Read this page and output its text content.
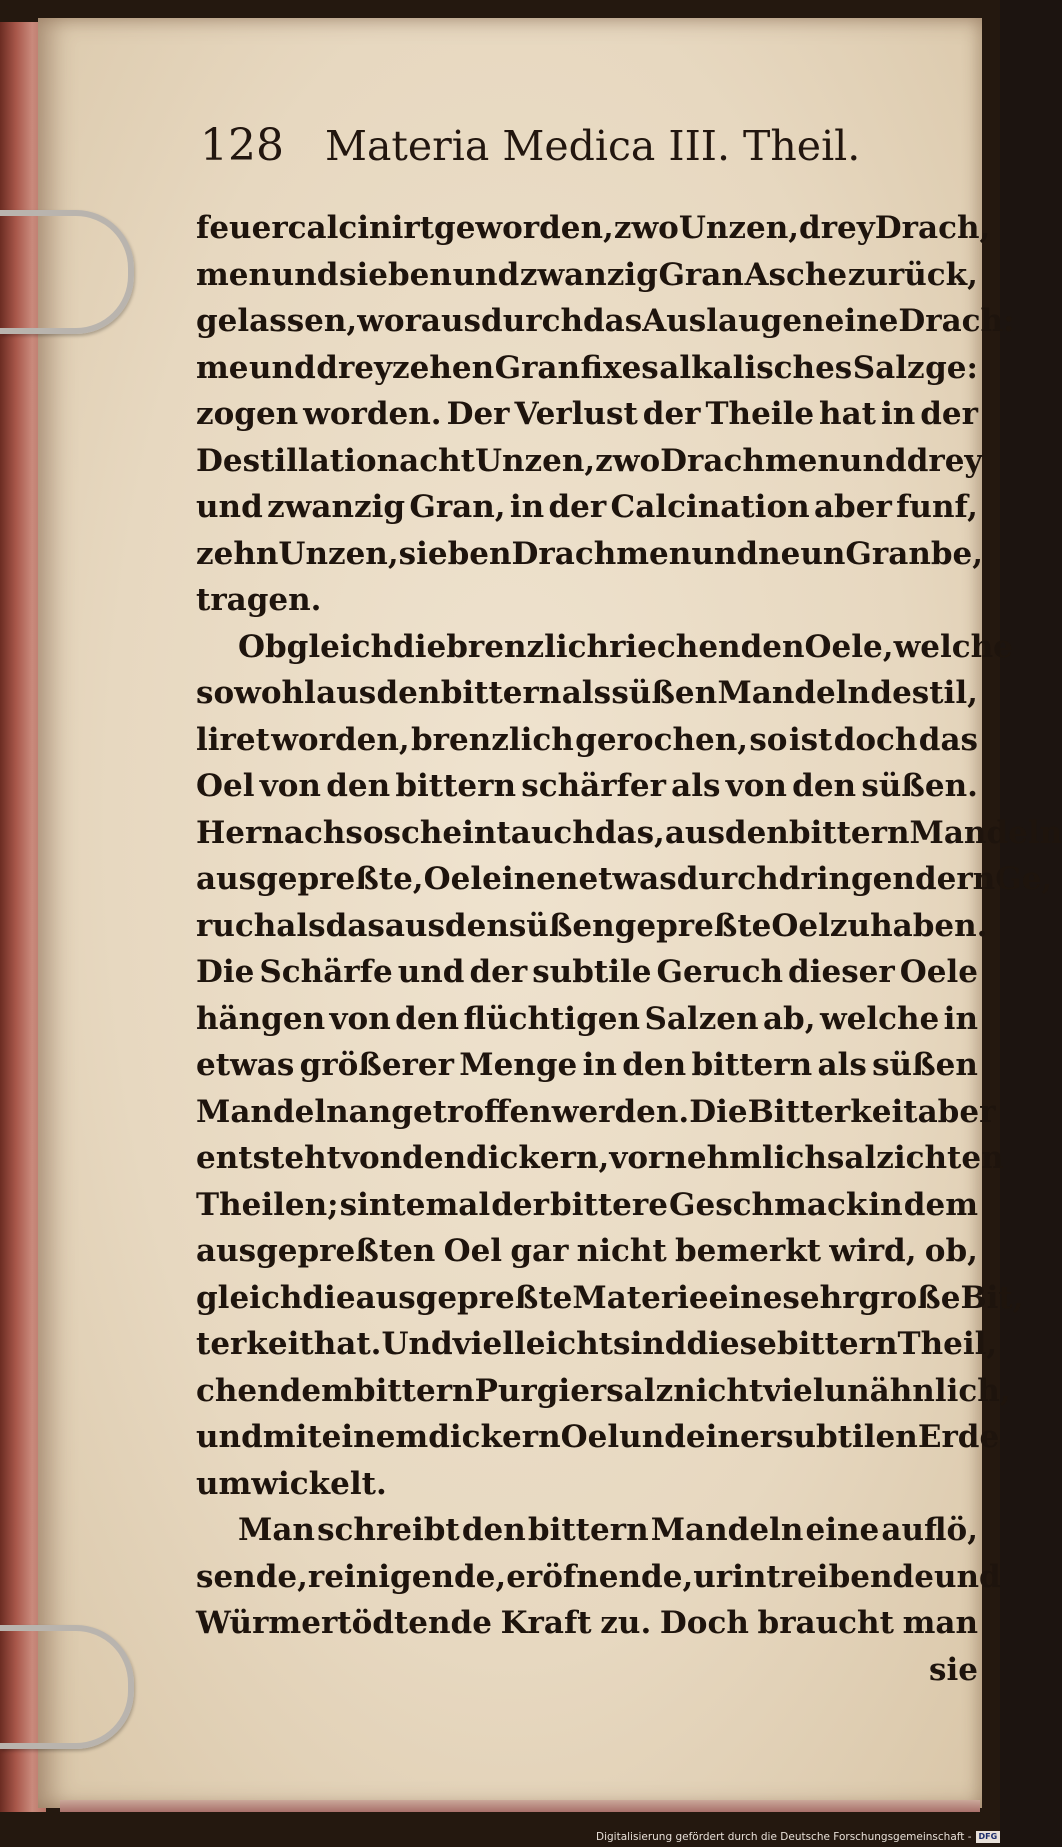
128 Materia Medica III. Theil.
feuer calcinirt geworden, zwo Unzen, drey Drach,
men und sieben und zwanzig Gran Asche zurück,
gelassen, woraus durch das Auslaugen eine Drach:
me und dreyzehen Gran fixes alkalisches Salz ge:
zogen worden. Der Verlust der Theile hat in der
Destillation acht Unzen, zwo Drachmen und drey
und zwanzig Gran, in der Calcination aber funf,
zehn Unzen, sieben Drachmen und neun Gran be,
tragen.
Obgleich die brenzlichriechenden Oele, welche
sowohl aus den bittern als süßen Mandeln destil,
liret worden, brenzlich gerochen, so ist doch das
Oel von den bittern schärfer als von den süßen.
Hernach so scheint auch das, aus den bittern Mandeln
ausgepreßte, Oel einen etwas durchdringendern Ge,
ruch als das aus den süßen gepreßte Oel zu haben.
Die Schärfe und der subtile Geruch dieser Oele
hängen von den flüchtigen Salzen ab, welche in
etwas größerer Menge in den bittern als süßen
Mandeln angetroffen werden. Die Bitterkeit aber
entsteht von den dickern, vornehmlich salzichten
Theilen; sintemal der bittere Geschmack in dem
ausgepreßten Oel gar nicht bemerkt wird, ob,
gleich die ausgepreßte Materie eine sehr große Bit,
terkeit hat. Und vielleicht sind diese bittern Theil,
chen dem bittern Purgiersalz nicht viel unähnlich,
und mit einem dickern Oel und einer subtilen Erde
umwickelt.
Man schreibt den bittern Mandeln eine auflö,
sende, reinigende, eröfnende, urintreibende und
Würmertödtende Kraft zu. Doch braucht man
sie
Digitalisierung gefördert durch die Deutsche Forschungsgemeinschaft - DFG
